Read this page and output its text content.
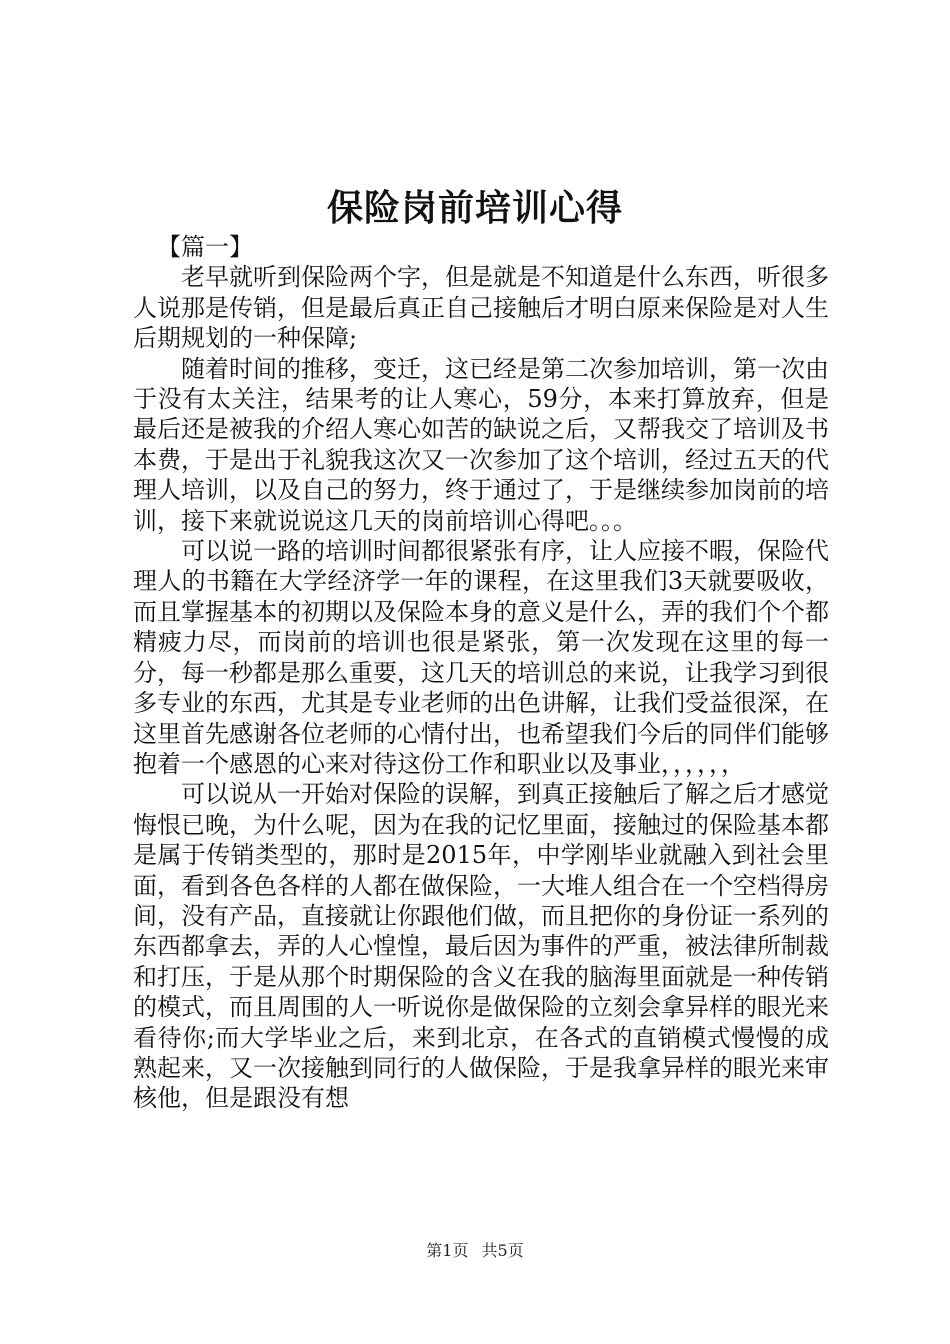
保险岗前培训心得

【篇一】

老早就听到保险两个字，但是就是不知道是什么东西，听很多人说那是传销，但是最后真正自己接触后才明白原来保险是对人生后期规划的一种保障;

随着时间的推移，变迁，这已经是第二次参加培训，第一次由于没有太关注，结果考的让人寒心，59分，本来打算放弃，但是最后还是被我的介绍人寒心如苦的缺说之后，又帮我交了培训及书本费，于是出于礼貌我这次又一次参加了这个培训，经过五天的代理人培训，以及自己的努力，终于通过了，于是继续参加岗前的培训，接下来就说说这几天的岗前培训心得吧。。。

可以说一路的培训时间都很紧张有序，让人应接不暇，保险代理人的书籍在大学经济学一年的课程，在这里我们3天就要吸收，而且掌握基本的初期以及保险本身的意义是什么，弄的我们个个都精疲力尽，而岗前的培训也很是紧张，第一次发现在这里的每一分，每一秒都是那么重要，这几天的培训总的来说，让我学习到很多专业的东西，尤其是专业老师的出色讲解，让我们受益很深，在这里首先感谢各位老师的心情付出，也希望我们今后的同伴们能够抱着一个感恩的心来对待这份工作和职业以及事业，，，，，，

可以说从一开始对保险的误解，到真正接触后了解之后才感觉悔恨已晚，为什么呢，因为在我的记忆里面，接触过的保险基本都是属于传销类型的，那时是2015年，中学刚毕业就融入到社会里面，看到各色各样的人都在做保险，一大堆人组合在一个空档得房间，没有产品，直接就让你跟他们做，而且把你的身份证一系列的东西都拿去，弄的人心惶惶，最后因为事件的严重，被法律所制裁和打压，于是从那个时期保险的含义在我的脑海里面就是一种传销的模式，而且周围的人一听说你是做保险的立刻会拿异样的眼光来看待你;而大学毕业之后，来到北京，在各式的直销模式慢慢的成熟起来，又一次接触到同行的人做保险，于是我拿异样的眼光来审核他，但是跟没有想

第1页 共5页
